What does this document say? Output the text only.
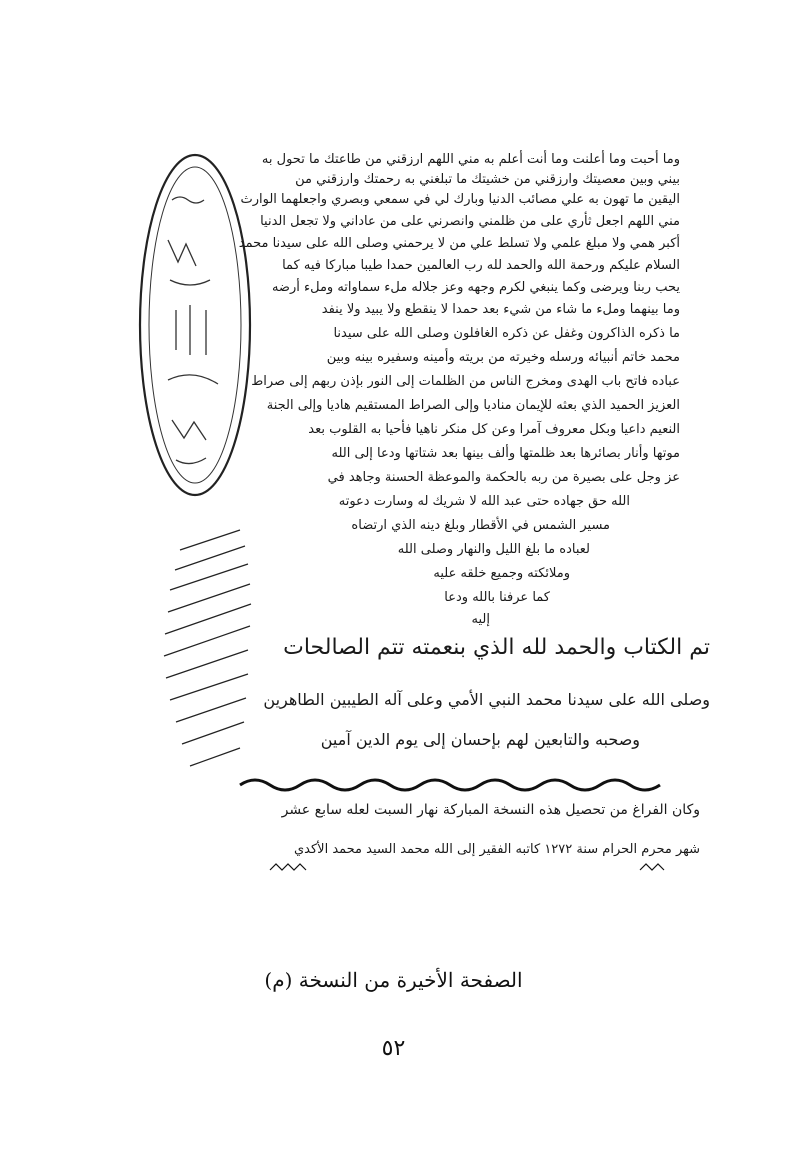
وما أحبت وما أعلنت وما أنت أعلم به مني اللهم ارزقني من طاعتك ما تحول به
بيني وبين معصيتك وارزقني من خشيتك ما تبلغني به رحمتك وارزقني من
اليقين ما تهون به علي مصائب الدنيا وبارك لي في سمعي وبصري واجعلهما الوارث
مني اللهم اجعل ثأري على من ظلمني وانصرني على من عاداني ولا تجعل الدنيا
أكبر همي ولا مبلغ علمي ولا تسلط علي من لا يرحمني وصلى الله على سيدنا محمد
السلام عليكم ورحمة الله والحمد لله رب العالمين حمدا طيبا مباركا فيه كما
يحب ربنا ويرضى وكما ينبغي لكرم وجهه وعز جلاله ملء سماواته وملء أرضه
وما بينهما وملء ما شاء من شيء بعد حمدا لا ينقطع ولا يبيد ولا ينفد
ما ذكره الذاكرون وغفل عن ذكره الغافلون وصلى الله على سيدنا
محمد خاتم أنبيائه ورسله وخيرته من بريته وأمينه وسفيره بينه وبين
عباده فاتح باب الهدى ومخرج الناس من الظلمات إلى النور بإذن ربهم إلى صراط
العزيز الحميد الذي بعثه للإيمان مناديا وإلى الصراط المستقيم هاديا وإلى الجنة
النعيم داعيا وبكل معروف آمرا وعن كل منكر ناهيا فأحيا به القلوب بعد
موتها وأنار بصائرها بعد ظلمتها وألف بينها بعد شتاتها ودعا إلى الله
عز وجل على بصيرة من ربه بالحكمة والموعظة الحسنة وجاهد في
الله حق جهاده حتى عبد الله لا شريك له وسارت دعوته
مسير الشمس في الأقطار وبلغ دينه الذي ارتضاه
لعباده ما بلغ الليل والنهار وصلى الله
وملائكته وجميع خلقه عليه
كما عرفنا بالله ودعا
إليه
تم الكتاب والحمد لله الذي بنعمته تتم الصالحات
وصلى الله على سيدنا محمد النبي الأمي وعلى آله الطيبين الطاهرين
وصحبه والتابعين لهم بإحسان إلى يوم الدين آمين
وكان الفراغ من تحصيل هذه النسخة المباركة نهار السبت لعله سابع عشر
شهر محرم الحرام سنة ١٢٧٢ كاتبه الفقير إلى الله محمد السيد محمد الأكدي
الصفحة الأخيرة من النسخة (م)
٥٢
